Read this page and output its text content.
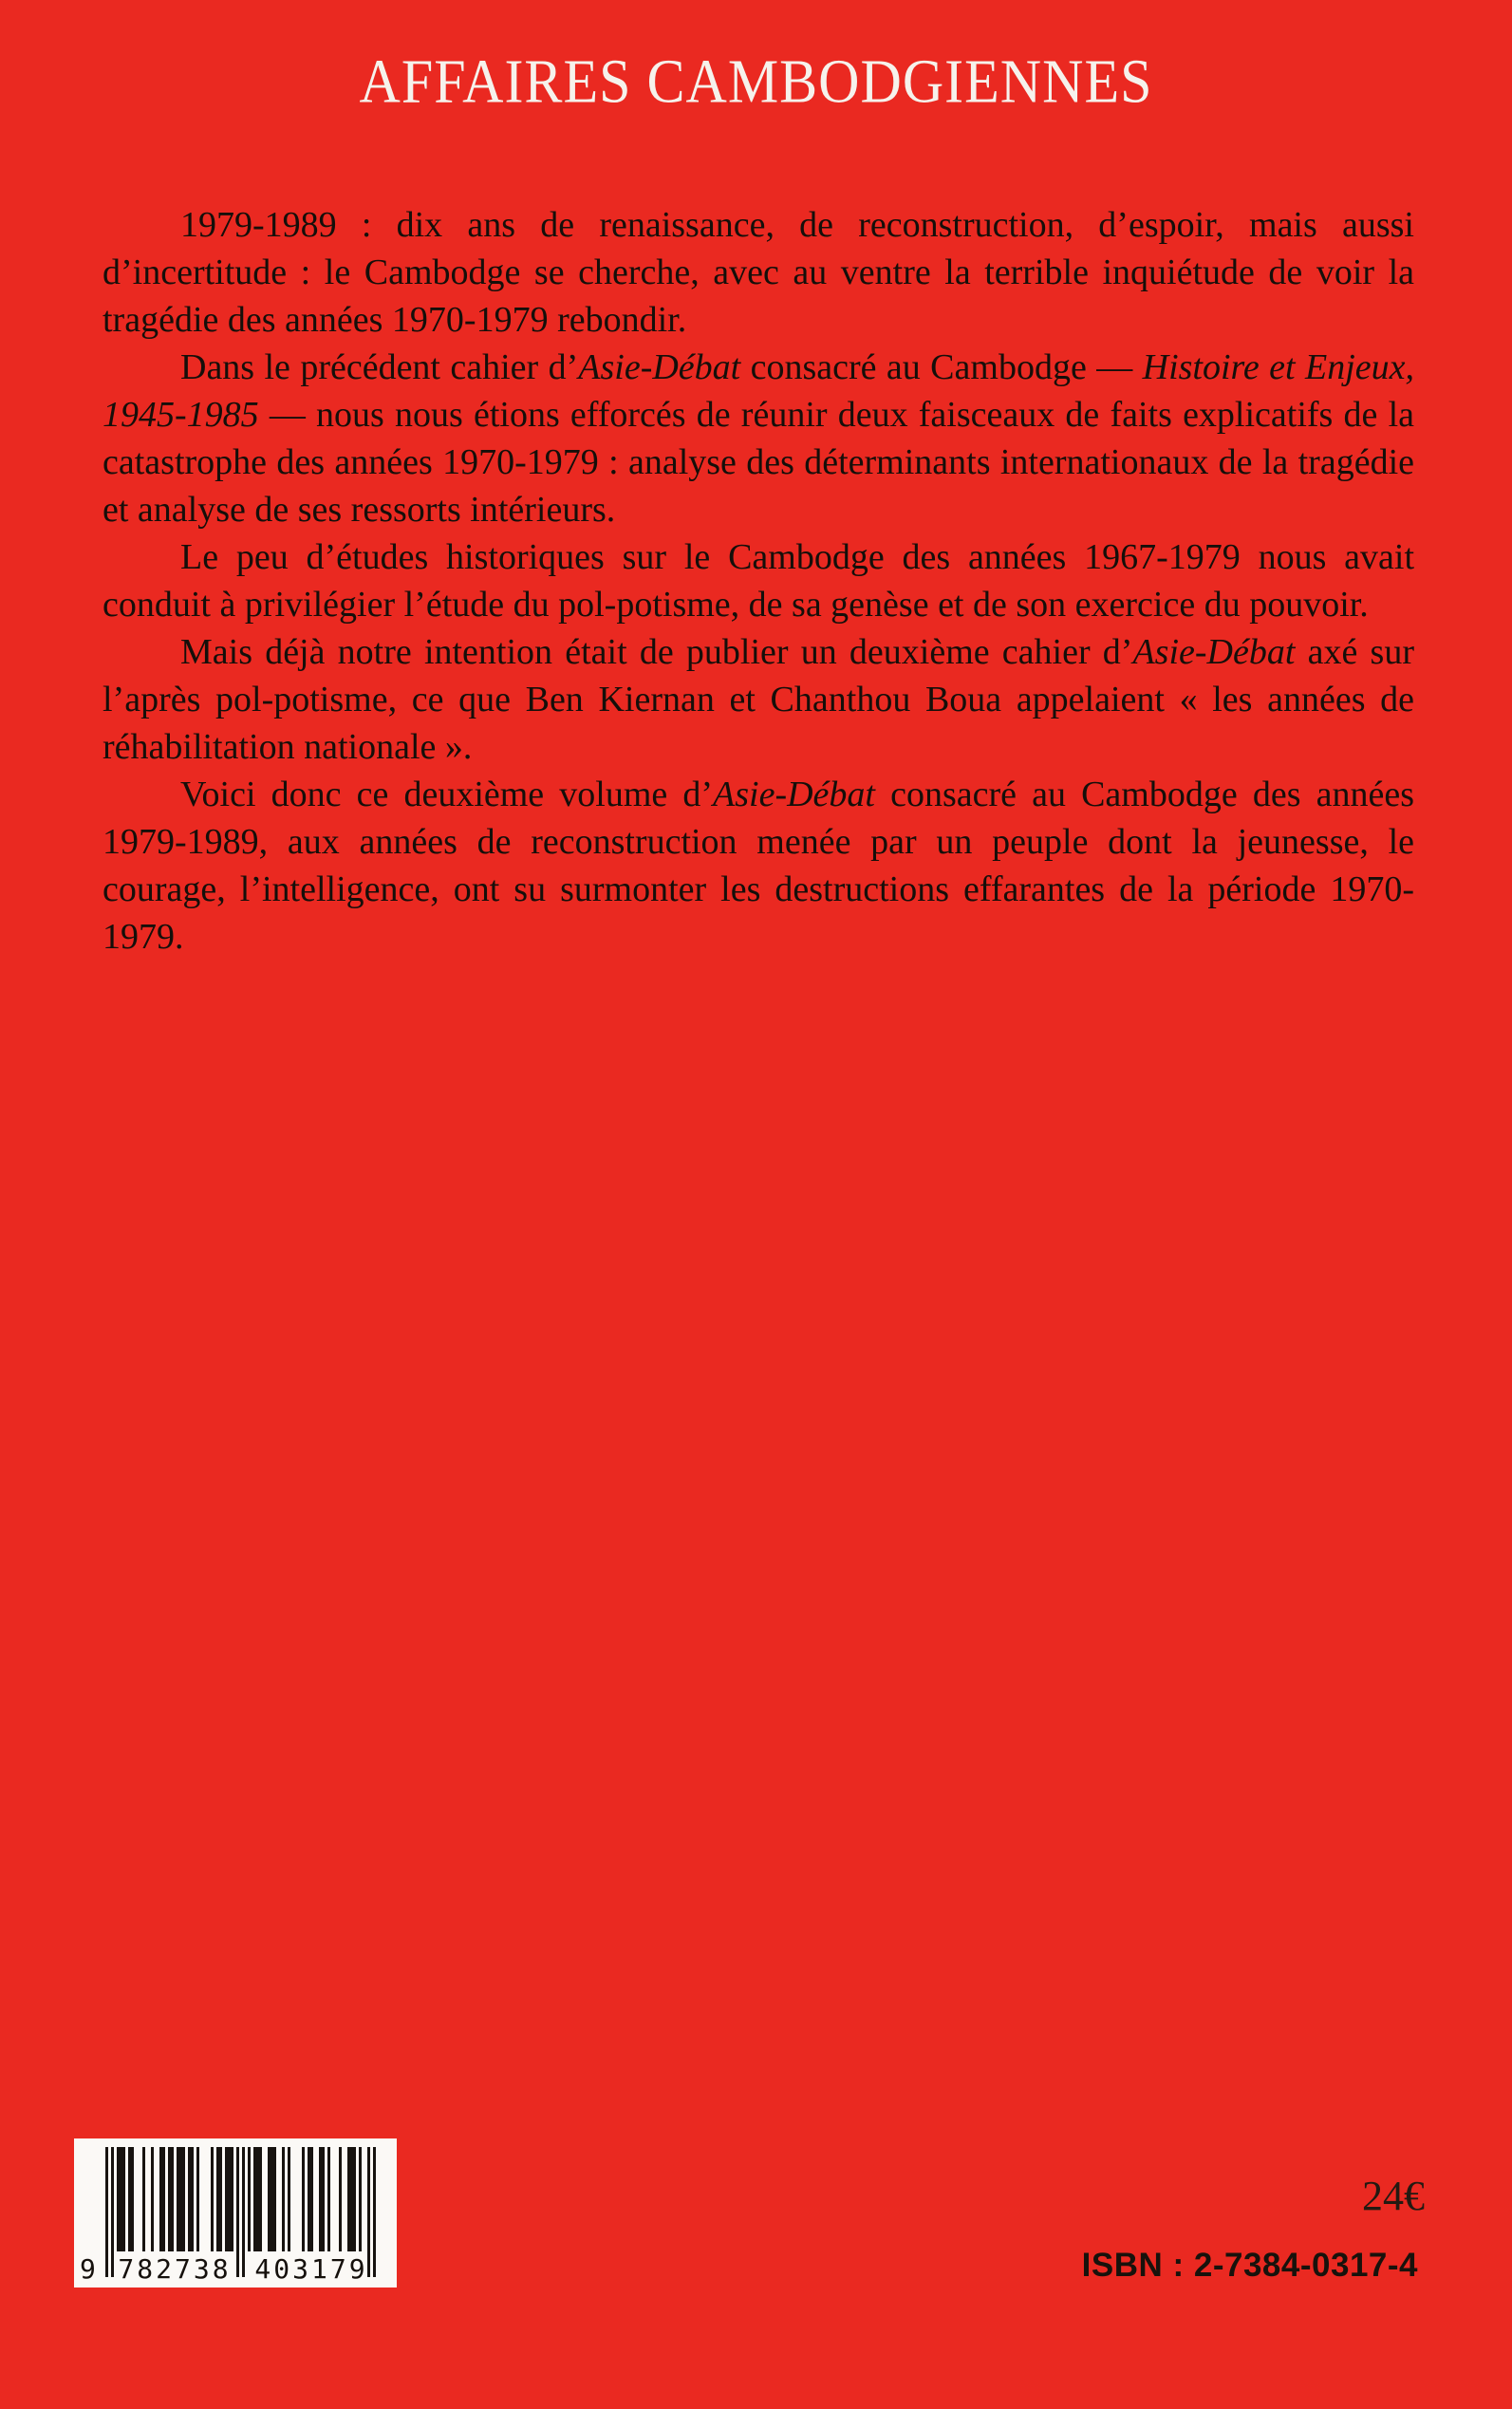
AFFAIRES CAMBODGIENNES

1979-1989 : dix ans de renaissance, de reconstruction, d’espoir, mais aussi d’incertitude : le Cambodge se cherche, avec au ventre la terrible inquiétude de voir la tragédie des années 1970-1979 rebondir.

Dans le précédent cahier d’Asie-Débat consacré au Cambodge — Histoire et Enjeux, 1945-1985 — nous nous étions efforcés de réunir deux faisceaux de faits explicatifs de la catastrophe des années 1970-1979 : analyse des déterminants internationaux de la tragédie et analyse de ses ressorts intérieurs.

Le peu d’études historiques sur le Cambodge des années 1967-1979 nous avait conduit à privilégier l’étude du pol-potisme, de sa genèse et de son exercice du pouvoir.

Mais déjà notre intention était de publier un deuxième cahier d’Asie-Débat axé sur l’après pol-potisme, ce que Ben Kiernan et Chanthou Boua appelaient « les années de réhabilitation nationale ».

Voici donc ce deuxième volume d’Asie-Débat consacré au Cambodge des années 1979-1989, aux années de reconstruction menée par un peuple dont la jeunesse, le courage, l’intelligence, ont su surmonter les destructions effarantes de la période 1970-1979.

9 782738 403179
24€
ISBN : 2-7384-0317-4
